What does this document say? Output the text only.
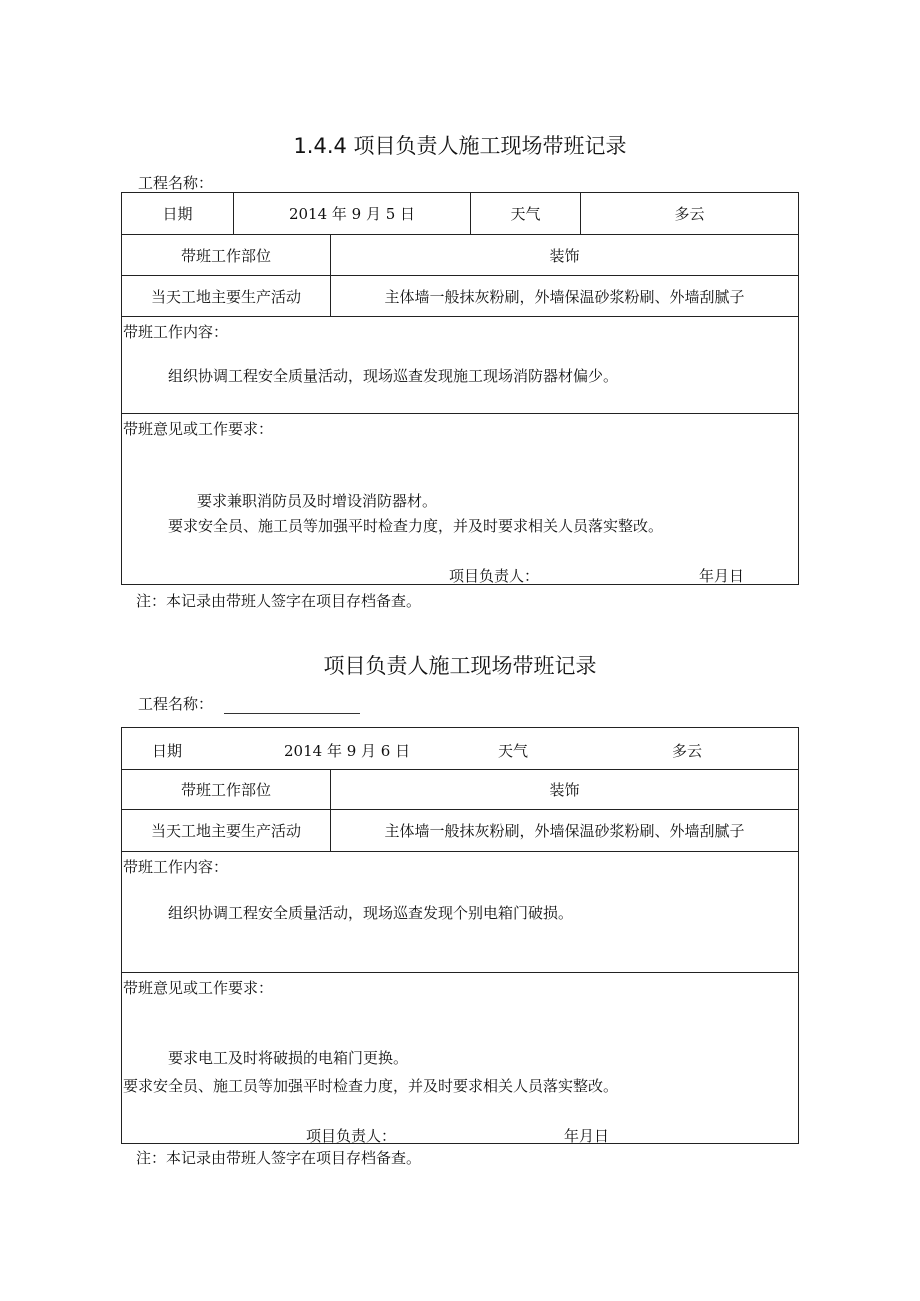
1.4.4 项目负责人施工现场带班记录
工程名称：
日期	2014 年 9 月 5 日	天气	多云
带班工作部位	装饰
当天工地主要生产活动	主体墙一般抹灰粉刷，外墙保温砂浆粉刷、外墙刮腻子
带班工作内容：
组织协调工程安全质量活动，现场巡查发现施工现场消防器材偏少。
带班意见或工作要求：
要求兼职消防员及时增设消防器材。
要求安全员、施工员等加强平时检查力度，并及时要求相关人员落实整改。
项目负责人：	年月日
注：本记录由带班人签字在项目存档备查。
项目负责人施工现场带班记录
工程名称：
日期	2014 年 9 月 6 日	天气	多云
带班工作部位	装饰
当天工地主要生产活动	主体墙一般抹灰粉刷，外墙保温砂浆粉刷、外墙刮腻子
带班工作内容：
组织协调工程安全质量活动，现场巡查发现个别电箱门破损。
带班意见或工作要求：
要求电工及时将破损的电箱门更换。
要求安全员、施工员等加强平时检查力度，并及时要求相关人员落实整改。
项目负责人：	年月日
注：本记录由带班人签字在项目存档备查。
